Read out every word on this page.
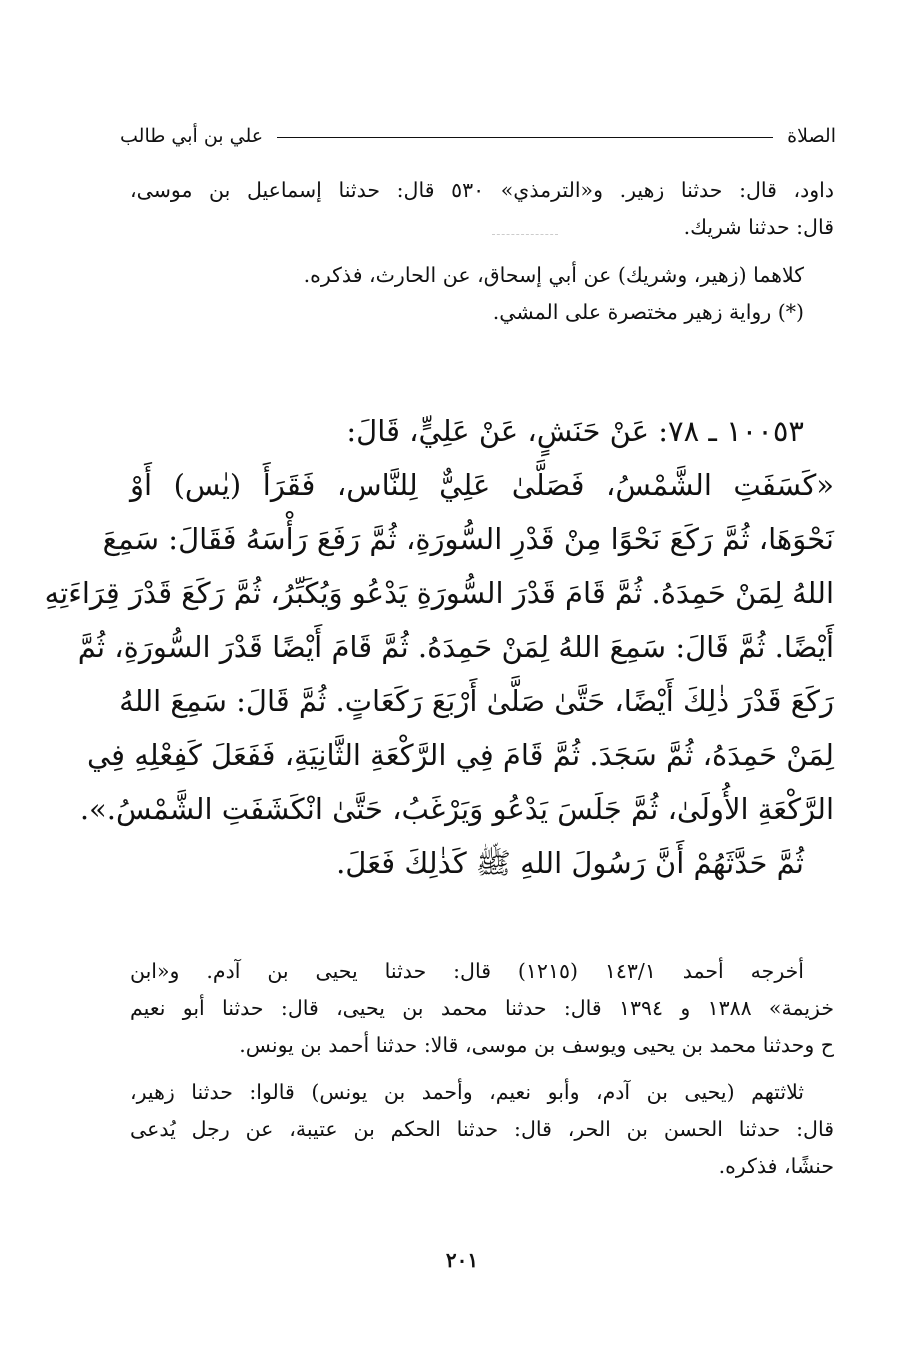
الصلاة
علي بن أبي طالب
داود، قال: حدثنا زهير. و«الترمذي» ٥٣٠ قال: حدثنا إسماعيل بن موسى،
قال: حدثنا شريك.
كلاهما (زهير، وشريك) عن أبي إسحاق، عن الحارث، فذكره.
(*) رواية زهير مختصرة على المشي.
١٠٠٥٣ ـ ٧٨: عَنْ حَنَشٍ، عَنْ عَلِيٍّ، قَالَ:
«كَسَفَتِ الشَّمْسُ، فَصَلَّىٰ عَلِيٌّ لِلنَّاس، فَقَرَأَ (يٰس) أَوْ
نَحْوَهَا، ثُمَّ رَكَعَ نَحْوًا مِنْ قَدْرِ السُّورَةِ، ثُمَّ رَفَعَ رَأْسَهُ فَقَالَ: سَمِعَ
اللهُ لِمَنْ حَمِدَهُ. ثُمَّ قَامَ قَدْرَ السُّورَةِ يَدْعُو وَيُكَبِّرُ، ثُمَّ رَكَعَ قَدْرَ قِرَاءَتِهِ
أَيْضًا. ثُمَّ قَالَ: سَمِعَ اللهُ لِمَنْ حَمِدَهُ. ثُمَّ قَامَ أَيْضًا قَدْرَ السُّورَةِ، ثُمَّ
رَكَعَ قَدْرَ ذٰلِكَ أَيْضًا، حَتَّىٰ صَلَّىٰ أَرْبَعَ رَكَعَاتٍ. ثُمَّ قَالَ: سَمِعَ اللهُ
لِمَنْ حَمِدَهُ، ثُمَّ سَجَدَ. ثُمَّ قَامَ فِي الرَّكْعَةِ الثَّانِيَةِ، فَفَعَلَ كَفِعْلِهِ فِي
الرَّكْعَةِ الأُولَىٰ، ثُمَّ جَلَسَ يَدْعُو وَيَرْغَبُ، حَتَّىٰ انْكَشَفَتِ الشَّمْسُ.».
ثُمَّ حَدَّثَهُمْ أَنَّ رَسُولَ اللهِ ﷺ كَذٰلِكَ فَعَلَ.
أخرجه أحمد ١٤٣/١ (١٢١٥) قال: حدثنا يحيى بن آدم. و«ابن
خزيمة» ١٣٨٨ و ١٣٩٤ قال: حدثنا محمد بن يحيى، قال: حدثنا أبو نعيم
ح وحدثنا محمد بن يحيى ويوسف بن موسى، قالا: حدثنا أحمد بن يونس.
ثلاثتهم (يحيى بن آدم، وأبو نعيم، وأحمد بن يونس) قالوا: حدثنا زهير،
قال: حدثنا الحسن بن الحر، قال: حدثنا الحكم بن عتيبة، عن رجل يُدعى
حنشًا، فذكره.
٢٠١
